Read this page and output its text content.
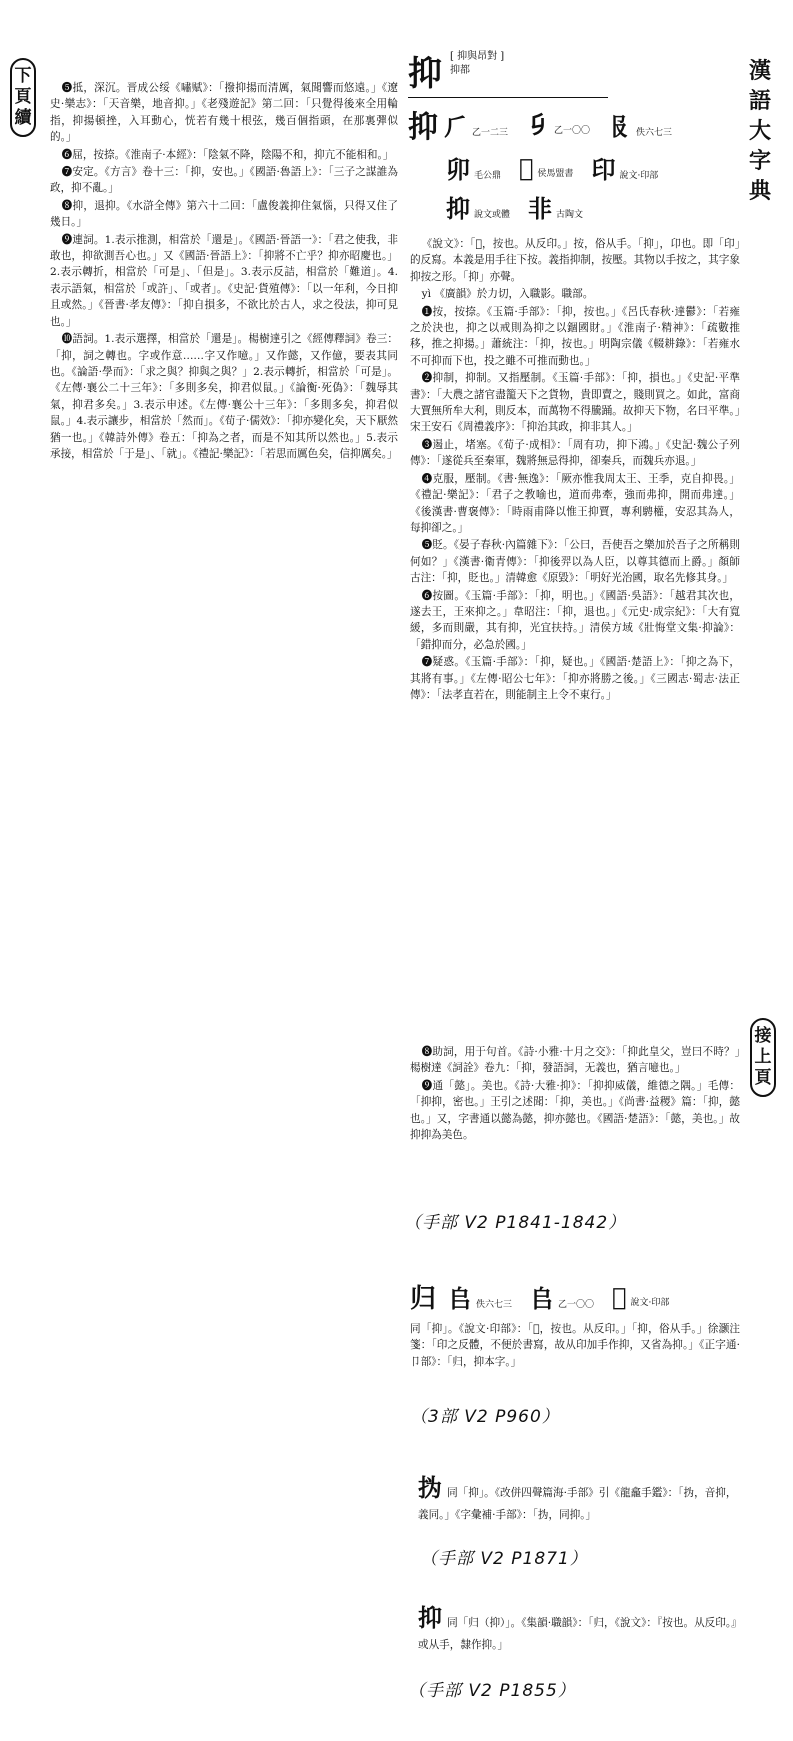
下
頁
續

❺抵，深沉。晋成公绥《嘯赋》：「撥抑揚而清厲，氣聞響而悠遠。」《遼史·樂志》：「天音樂，地音抑。」《老殘遊記》第二回：「只覺得後來全用輪指，抑揚頓挫，入耳動心，恍若有幾十根弦，幾百個指頭，在那裏彈似的。」

❻屈，按捺。《淮南子·本經》：「陰氣不降，陰陽不和，抑亢不能相和。」

❼安定。《方言》卷十三：「抑，安也。」《國語·魯語上》：「三子之謀誰為政，抑不亂。」

❽抑，退抑。《水滸全傳》第六十二回：「盧俊義抑住氣惱，只得又住了幾日。」

❾連詞。1.表示推測，相當於「還是」。《國語·晉語一》：「君之使我，非敢也，抑欲測吾心也。」又《國語·晉語上》：「抑將不亡乎？抑亦昭慶也。」2.表示轉折，相當於「可是」、「但是」。3.表示反詰，相當於「難道」。4.表示語氣，相當於「或許」、「或者」。《史記·貨殖傳》：「以一年利，今日抑且或然。」《晉書·孝友傳》：「抑自損多，不欲比於古人，求之役法，抑可見也。」

❿語詞。1.表示選擇，相當於「還是」。楊樹達引之《經傳釋詞》卷三：「抑，詞之轉也。字或作意……字又作噫。」又作懿，又作億，要表其同也。《論語·學而》：「求之與？抑與之與？」2.表示轉折，相當於「可是」。《左傳·襄公二十三年》：「多則多矣，抑君似鼠。」《論衡·死偽》：「魏辱其氣，抑君多矣。」3.表示申述。《左傳·襄公十三年》：「多則多矣，抑君似鼠。」4.表示讓步，相當於「然而」。《荀子·儒效》：「抑亦變化矣，天下厭然猶一也。」《韓詩外傳》卷五：「抑為之者，而是不知其所以然也。」5.表示承接，相當於「于是」、「就」。《禮記·樂記》：「若思而厲色矣，信抑厲矣。」

漢
語
大
字
典
抑 [ 抑與昂對 ]
抑都
抑 ⺁ 乙一二三 𠂎乙一〇〇 𠬝佚六七三
卯毛公鼎 𢑚侯馬盟書 印說文·印部
抑說文或體 非古陶文

《說文》：「𢑚，按也。从反印。」按，俗从手。「抑」，卬也。即「印」的反寫。本義是用手往下按。義指抑制，按壓。其物以手按之，其字象抑按之形。「抑」亦聲。

yì 《廣韻》於力切，入職影。職部。

❶按，按捺。《玉篇·手部》：「抑，按也。」《呂氏春秋·達鬱》：「若雍之於決也，抑之以戒則為抑之以錮國財。」《淮南子·精神》：「疏數推移，推之抑揚。」蕭統注：「抑，按也。」明陶宗儀《輟耕錄》：「若雍水不可抑而下也，投之雖不可推而動也。」

❷抑制，抑制。又指壓制。《玉篇·手部》：「抑，損也。」《史記·平準書》：「大農之諸官盡籠天下之貨物，貴即賣之，賤則買之。如此，富商大賈無所牟大利，則反本，而萬物不得騰踊。故抑天下物，名曰平準。」宋王安石《周禮義序》：「抑治其政，抑非其人。」

❸遏止，堵塞。《荀子·成相》：「周有功，抑下鴻。」《史記·魏公子列傳》：「遂從兵至秦軍，魏將無忌得抑，卻秦兵，而魏兵亦退。」

❹克服，壓制。《書·無逸》：「厥亦惟我周太王、王季，克自抑畏。」《禮記·樂記》：「君子之教喻也，道而弗牽，強而弗抑，開而弗達。」《後漢書·曹褒傳》：「時雨甫降以惟王抑賈，專利騁權，安忍其為人，每抑卻之。」

❺貶。《晏子春秋·內篇雜下》：「公曰，吾使吾之樂加於吾子之所稱則何如？」《漢書·衛青傳》：「抑後羿以為人臣，以尊其德而上爵。」顏師古注：「抑，貶也。」清韓愈《原毀》：「明好光治國，取名先修其身。」

❻按圖。《玉篇·手部》：「抑，明也。」《國語·吳語》：「越君其次也，遂去王，王來抑之。」韋昭注：「抑，退也。」《元史·成宗紀》：「大有寬緩，多而則嚴，其有抑，光宜扶持。」清侯方域《壯悔堂文集·抑論》：「錯抑而分，必急於國。」

❼疑惑。《玉篇·手部》：「抑，疑也。」《國語·楚語上》：「抑之為下，其將有事。」《左傳·昭公七年》：「抑亦將勝之後。」《三國志·蜀志·法正傳》：「法孝直若在，則能制主上令不東行。」

接
上
頁

❽助詞，用于句首。《詩·小雅·十月之交》：「抑此皇父，豈曰不時？」楊樹達《詞詮》卷九：「抑，發語詞，无義也，猶言噫也。」

❾通「懿」。美也。《詩·大雅·抑》：「抑抑威儀，維德之隅。」毛傳：「抑抑，密也。」王引之述聞：「抑，美也。」《尚書·益稷》篇：「抑，懿也。」又，字書通以懿為懿，抑亦懿也。《國語·楚語》：「懿，美也。」故抑抑為美色。

（手部 V2 P1841-1842）
归 𠂤佚六七三 𠂤乙一〇〇 𢑚說文·印部
同「抑」。《說文·印部》：「𢑚，按也。从反印。」「抑，俗从手。」徐灏注箋：「印之反體，不便於書寫，故从印加手作抑，又省為抑。」《正字通·卩部》：「归，抑本字。」
（3部 V2 P960）
㧑 同「抑」。《改併四聲篇海·手部》引《龍龕手鑑》：「㧑，音抑，義同。」《字彙補·手部》：「㧑，同抑。」
（手部 V2 P1871）
抑 同「归（抑）」。《集韻·職韻》：「归，《說文》：『按也。从反印。』或从手，隸作抑。」
（手部 V2 P1855）
